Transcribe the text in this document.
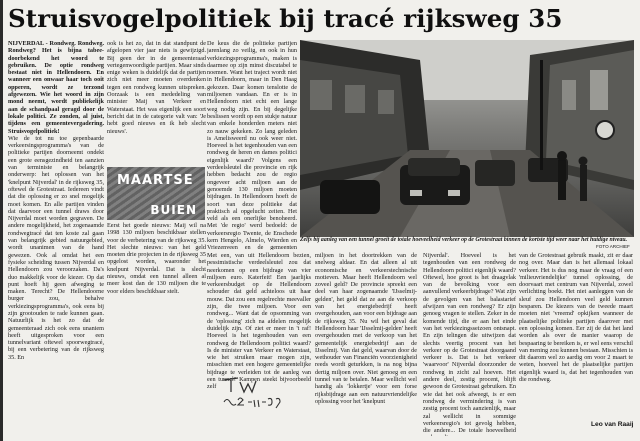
Struisvogelpolitiek bij tracé rijksweg 35

NIJVERDAL - Rondweg. Rondweg. Rondweg? Het is bijna tabee-doorbekend het woord te gebruiken. De optie rondweg bestaat niet in Hellendoorn. En wanneer een onwaar haar toch ooit opperen, wordt ze terzond afgewezen. Wie het woord in zijn mond neemt, wordt publiekelijk aan de schandpaal geragd door de lokale politici. Ze zonden, al juist, tijdens een gemeentevergadering. Struisvogelpolitiek!

Wie de tot nu toe gepenbaarde verkeersingsprogramma's van de politieke partijen doorneemt ondekt een grote eensgezindheid ten aanzien van terministe en belangrijk onderwerp: het oplossen van het 'knelpunt Nijverdal' in de rijksweg 35, oftewel de Grotestraat. Iedereen vindt dat die oplossing er zo snel mogelijk moet komen. En alle partijen vinden dat daarvoor een tunnel draws door Nijverdal moet worden gegraven. De andere mogelijkheid, het zogenaamde rondwegtracé dat ten koste zal gaan van belangrijk gebied natuurgebied, wordt unanimen van de hand gewezen. Ook al omdat het een fysieke scheiding tussen Nijverdal en Hellendoorn zou veroorzaken. Da's duo makkelijk voor de kiezer. Op dat punt hoeft hij geen afweging te maken. Terecht? De Hellendoorne burger zou, behalve verkiezingsprogramma's, ook eens bij zijn grootouden te rade kunnen gaan. Natuurlijk is het zo dat de gemeenteraad zich ook eens unaniem heeft uitgesproken voor een tunnelvariant oftewel spoorwegtracé, bij een verbetering van de rijksweg 35. En

ook is het zo, dat in dat standpunt de afgelopen vier jaar niets is gewijzigd. Bij geen der in de gemeenteraad vertegenwoordigde partijen. Maar sinds enige weken is duidelijk dat de partijen zich niet meer moeten overdenken tegen een rondweg kunnen uitspreken. Oorzaak is een mededeling van minister Maij van Verkeer en Waterstaat. Het was eigenlijk een soort bericht dat in de categorie valt van: 'Je hebt goed nieuws en ik heb slecht nieuws'.

MAARTSE
BUIEN

Eerst het goede nieuws: Maij wil na 1998 130 miljoen beschikbaar stellen voor de verbetering van de rijksweg 35. Het slechte nieuws: van het geld moeten drie projecten in de rijksweg 35 opgelost worden, waaronder het knelpunt Nijverdal. Dat is slecht nieuws, omdat een tunnel alleen al meer kost dan de 130 miljoen die te voor elders beschikbaar stelt.

De keus die de politieke partijen jarenlang zo veilig, en ook in hun verkiezingsprogramma's, maken is daarmee op zijn minst discutabel te noemen. Want het traject wordt niet in Hellendoorn, maar in Den Haag gekozen. Daar komen tenslotte de miljoenen vandaan. En er is in Hellendoorn niet echt een lange weg nodig zijn. En bij degelijke beslissen wordt op een stukje natuur van enkele honderden meters niet zo nauw gekeken. Zo lang geleden is Amelisweerd nu ook weer niet. Hoeveel is het tegenhouden van een rondweg de heren en dames politici eigenlijk waard? Volgens een verdeelsleutel die provincie en rijk hebben bedacht zou de regio ongeveer acht miljoen aan de genoemde 130 miljoen moeten bijdragen. In Hellendoorn hoeft de soort van deze politieke dat praktisch al opgelucht zeiten. Het veld als een onerlijke benoheerd. Met 'de regio' werd bedoeld: de verkeersregio Twente, de Enschede kern Hengelo, Almelo, Wierden en Vriezenveen en de gemeenten

Zelfs bij aanleg van een tunnel groeit de totale hoeveelheid verkeer op de Grotestraat binnen de kortste tijd weer naar het huidige niveau.
FOTO ARCHIEF

Met een, van uit Hellendoorn bezien, pessimistische verdeelsleutel zou dat neerkomen op een bijdrage van vier miljoen euro. Katerfeit! Een jaarlijks verkeersbudget op de Hellendoorn schouder dat geld achteloos uit haar mouw. Dat zou een regelrechte meevaller zijn, die twee miljoen. Voor een rondweg... Want dat de opsomming van de 'oplossing' zich na afdelen mogelijk duidelijk zijn. Of ziet er meer in 't raf! Hoeveel is het tegenhouden van een rondweg de Hellendoorn politici waard? Is de minister van Verkeer en Waterstaat, wie het struiken maar mogen zijn, misschien met een hogere gemeentelijke bijdrage te verleiden tot de aanleg van een tunnel? Kampen steekt bijvoorbeeld zelf

miljoen in het doortrekken van de snelweg aldaar. En dat alleen al uit economische en verkeerstechnische motieven. Maar heeft Hellendoorn wel zoveel geld? De provincie spreekt een deel van haar zogenaamde 'IJsselmij-gelden', het geld dat ze aan de verkoop van het energiebedrijf heeft overgehouden, aan voor een bijdrage aan de rijksweg 35. Nu wil het geval dat Hellendoorn haar 'IJsselmij-gelden' heeft overgehouden met de verkoop van het gemeentelijk energiebedrijf aan de IJsselmij. Van dat geld, waarvan door de wethouder van Financiën voorzienigheid reeds wordt geturkken, is na nog bijna dertig miljoen over. Niet genoeg en een tunnel van te betalen. Maar wellicht wel handig als 'lokkertje' voor een forse rijksbijdrage aan een natuurvriendelijke oplossing voor het 'knelpunt

Nijverdal'. Hoeveel is het tegenhouden van een rondweg de Hellendoorn politici eigenlijk waard? Oftewel, hoe groot is het draagvlak van de bevolking voor een aanvullend verkeerbijdrage? Wat zijn de gevolgen van het balastarief afwijzen van een rondweg? Er zijn genoeg vragen te stellen. Zeker in de komende tijd, die er aan het einde van het verkiezingsseizoen ontsnapt. En zijn telingen die uitwijzen dat slechts veertig procent van het verkeer op de Grotestraat doorgaand verkeer is. Dat is het verkeer 'waarvoor' Nijverdal doorzonder de rondweg in zicht zal hoeven. Het andere deel, zestig procent, blijft gewoon de Grotestraat gebruiken. En wie dat het ook afweegt, is er een rondweg de vermindering is van zestig procent toch aanzienlijk, maar zal wellicht in sommige verkeersregio's tot gevolg hebben, die andere... De totale hoeveelheid

van de Grotestraat gebruik maakt, zit er daar nog over. Maar dan is het allemaal lokaal verkeer. Het is dus nog maar de vraag of een 'milieuvriendelijke' tunnel oplossing, de doorvaart met centrum van Nijverdal, zowel verlichting boekt. Het niet aanleggen van de sleuf zou Hellendoorn veel geld kunnen besparen. De kiezers van de tweede maart moeten niet 'vreemd' opkijken wanneer de plaatselijke politieke partijen daarover met een oplossing komen. Eer zij de dat het land worden als over de manier waarop de bespaaring te bereiken is, er wel eens verschil van mening zou kunnen bestaan. Misschien is dit daarom wel zo aardig om voor 2 maart te weten, hoeveel het de plaatselijke partijen eigenlijk waard is, dat het tegenhouden van die rondweg.

Leo van Raaij
